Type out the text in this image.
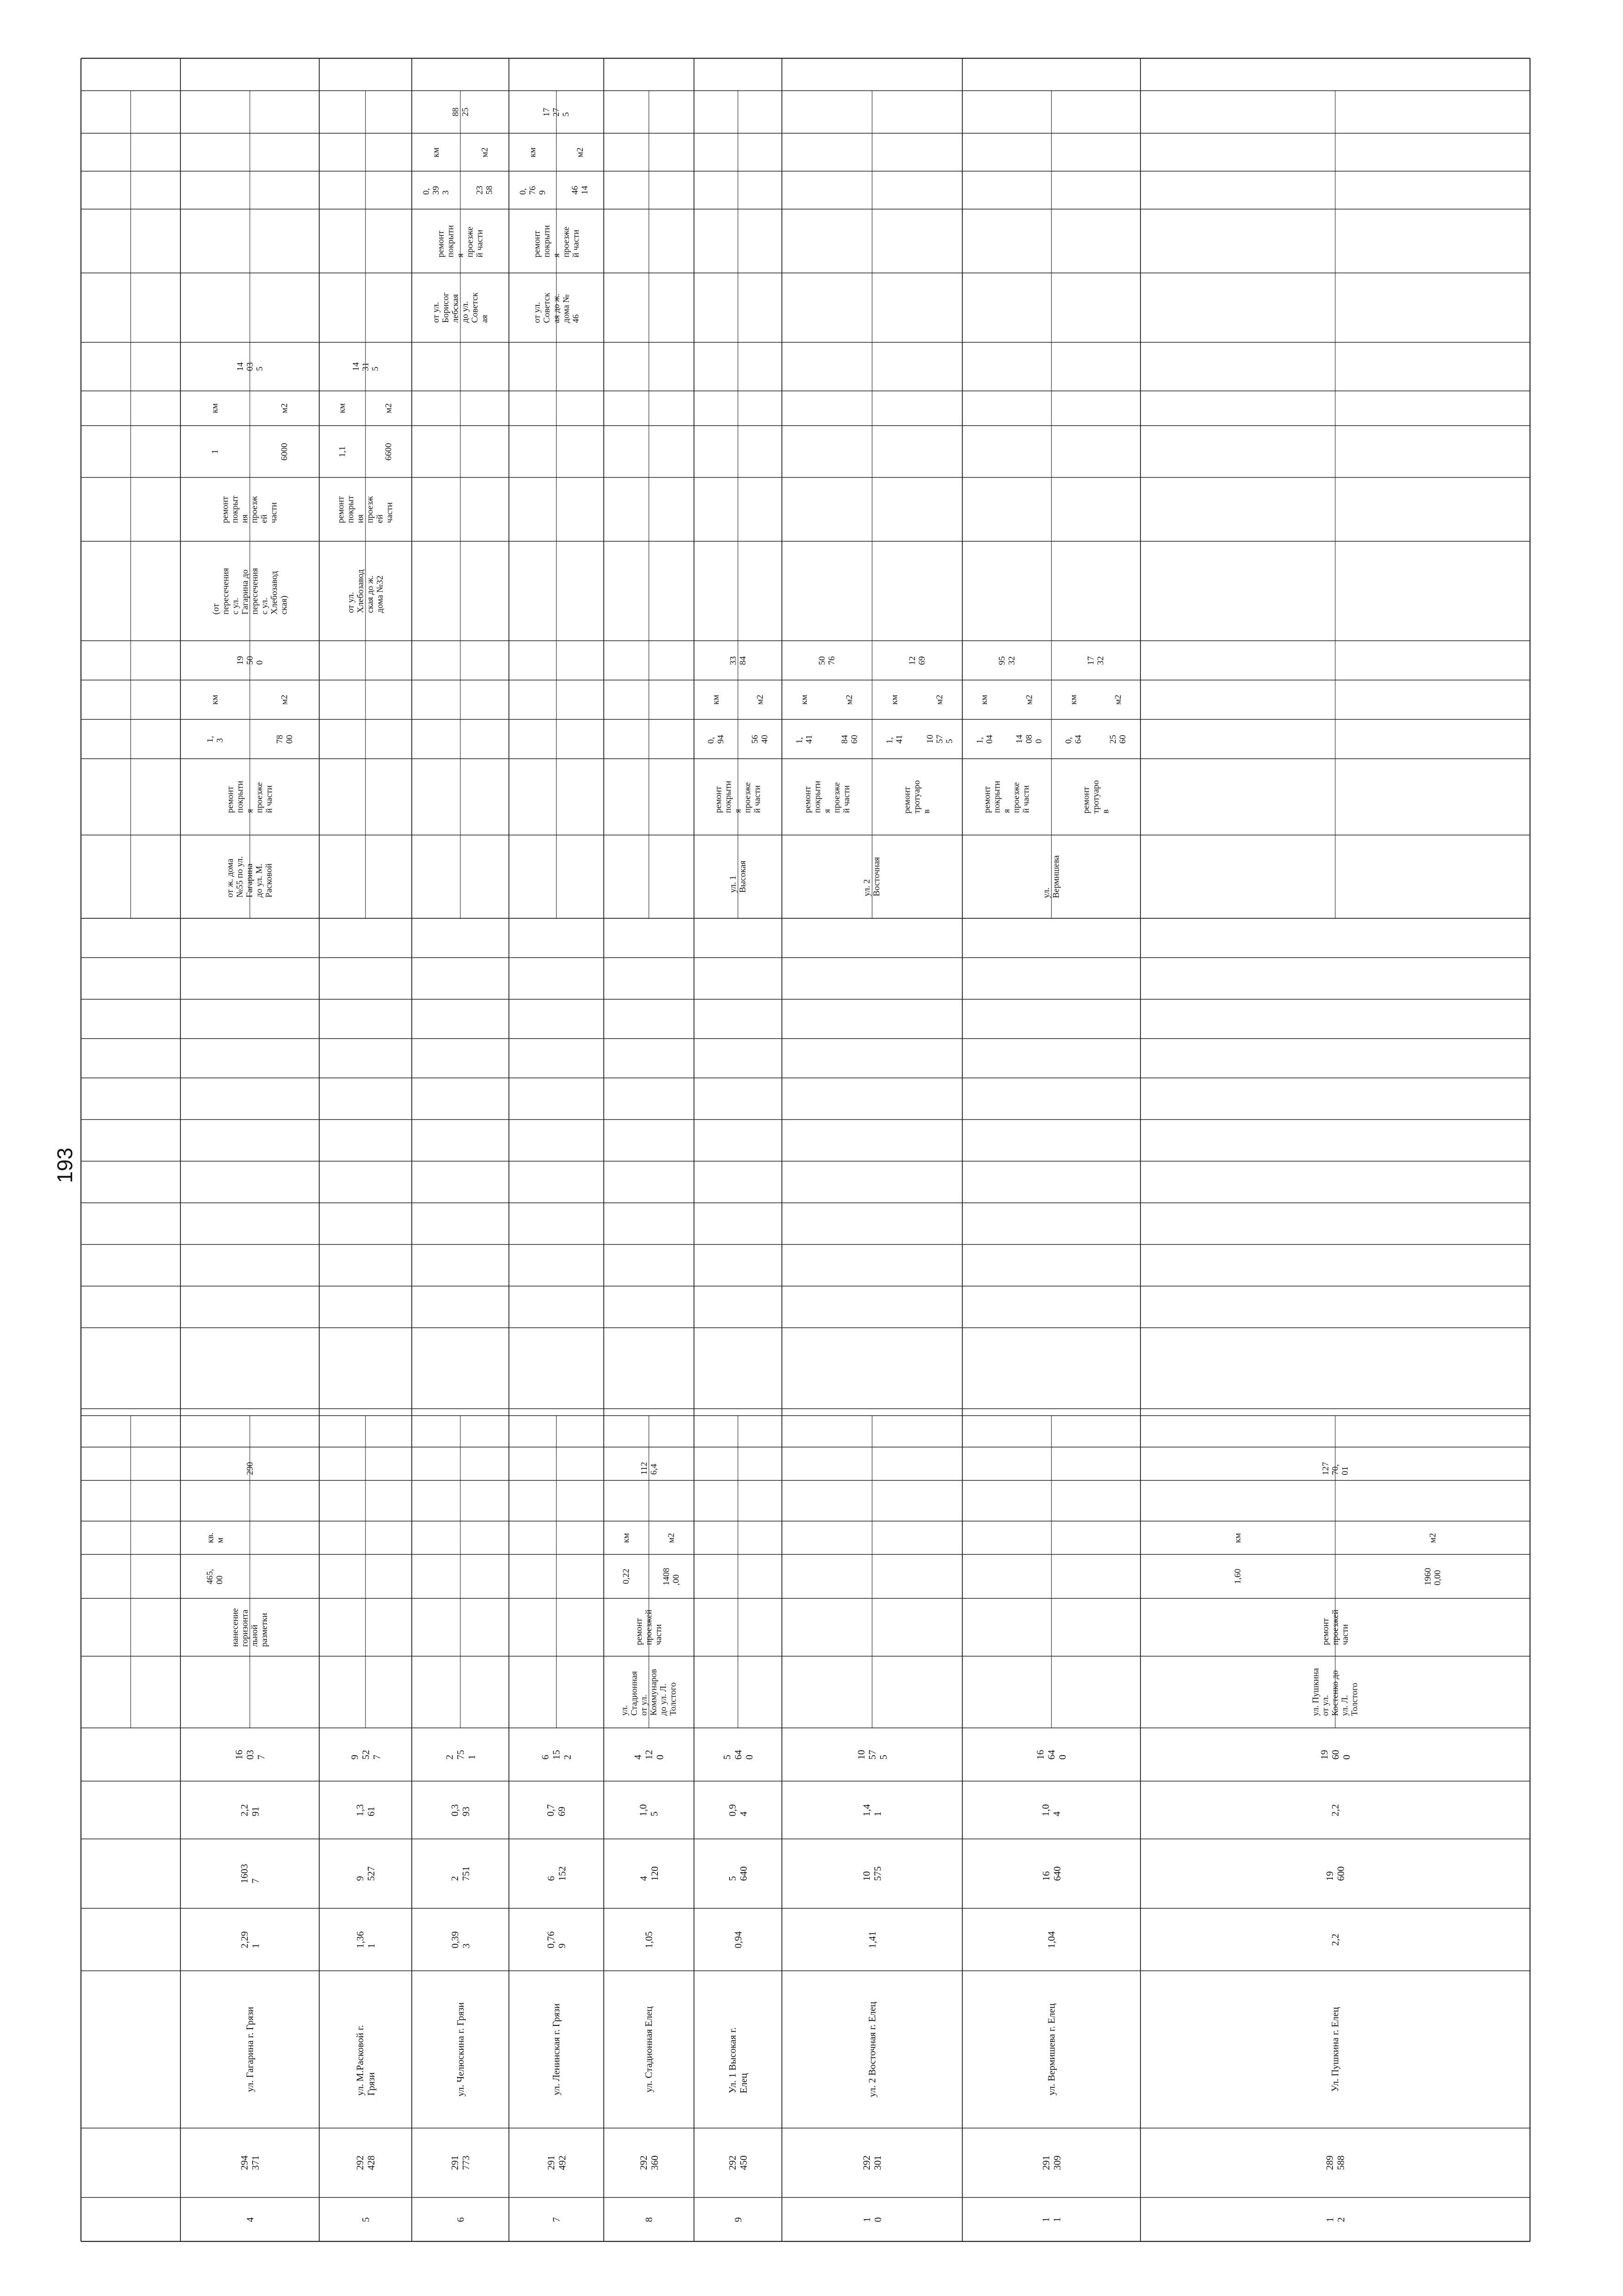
193
4
294
371
ул. Гагарина г. Грязи
2,29
1
1603
7
2,2
91
16
03
7
нанесение
горизонта
льной
разметки
465,
00
кв.
м
290
от ж. дома
№55 по ул.
Гагарина
до ул. М.
Расковой
ремонт
покрыти
я
проезже
й части
1,
3
км
78
00
м2
19
50
0
(от
пересечения
с ул.
Гагарина до
пересечения
с ул.
Хлебозавод
ская)
ремонт
покрыт
ия
проезж
ей
части
1
км
6000
м2
14
03
5
5
292
428
ул. М.Расковой г. Грязи
1,36
1
9
527
1,3
61
9
52
7
от ул.
Хлебозавод
ская до ж.
дома №32
ремонт
покрыт
ия
проезж
ей
части
1,1
км
6600
м2
14
31
5
6
291
773
ул. Челюскина г. Грязи
0,39
3
2
751
0,3
93
2
75
1
от ул.
Борисог
лебская
до ул.
Советск
ая
ремонт
покрыти
я
проезже
й части
0,
39
3
км
23
58
м2
88
25
7
291
492
ул. Ленинская г. Грязи
0,76
9
6
152
0,7
69
6
15
2
от ул.
Советск
ая до ж.
дома №
46
ремонт
покрыти
я
проезже
й части
0,
76
9
км
46
14
м2
17
27
5
8
292
360
ул. Стадионная Елец
1,05
4
120
1,0
5
4
12
0
ул.
Стадионная
от ул.
Коммунаров
до ул. Л.
Толстого
ремонт
проезжей
части
0,22
км
1408
,00
м2
112
6,4
9
292
450
Ул. 1 Высокая г. Елец
0,94
5
640
0,9
4
5
64
0
ул. 1
Высокая
ремонт
покрыти
я
проезже
й части
0,
94
км
56
40
м2
33
84
1
0
292
301
ул. 2 Восточная г. Елец
1,41
10
575
1,4
1
10
57
5
ул. 2
Восточная
ремонт
покрыти
я
проезже
й части
1,
41
км
84
60
м2
50
76
ремонт
тротуаро
в
1,
41
км
10
57
5
м2
12
69
1
1
291
309
ул. Вермишева г. Елец
1,04
16
640
1,0
4
16
64
0
ул.
Вермишева
ремонт
покрыти
я
проезже
й части
1,
04
км
14
08
0
м2
95
32
ремонт
тротуаро
в
0,
64
км
25
60
м2
17
32
1
2
289
588
Ул. Пушкина г. Елец
2,2
19
600
2,2
19
60
0
ул. Пушкина
от ул.
Костенко до
ул. Л.
Толстого
ремонт
проезжей
части
1,60
км
1960
0,00
м2
127
70,
01
